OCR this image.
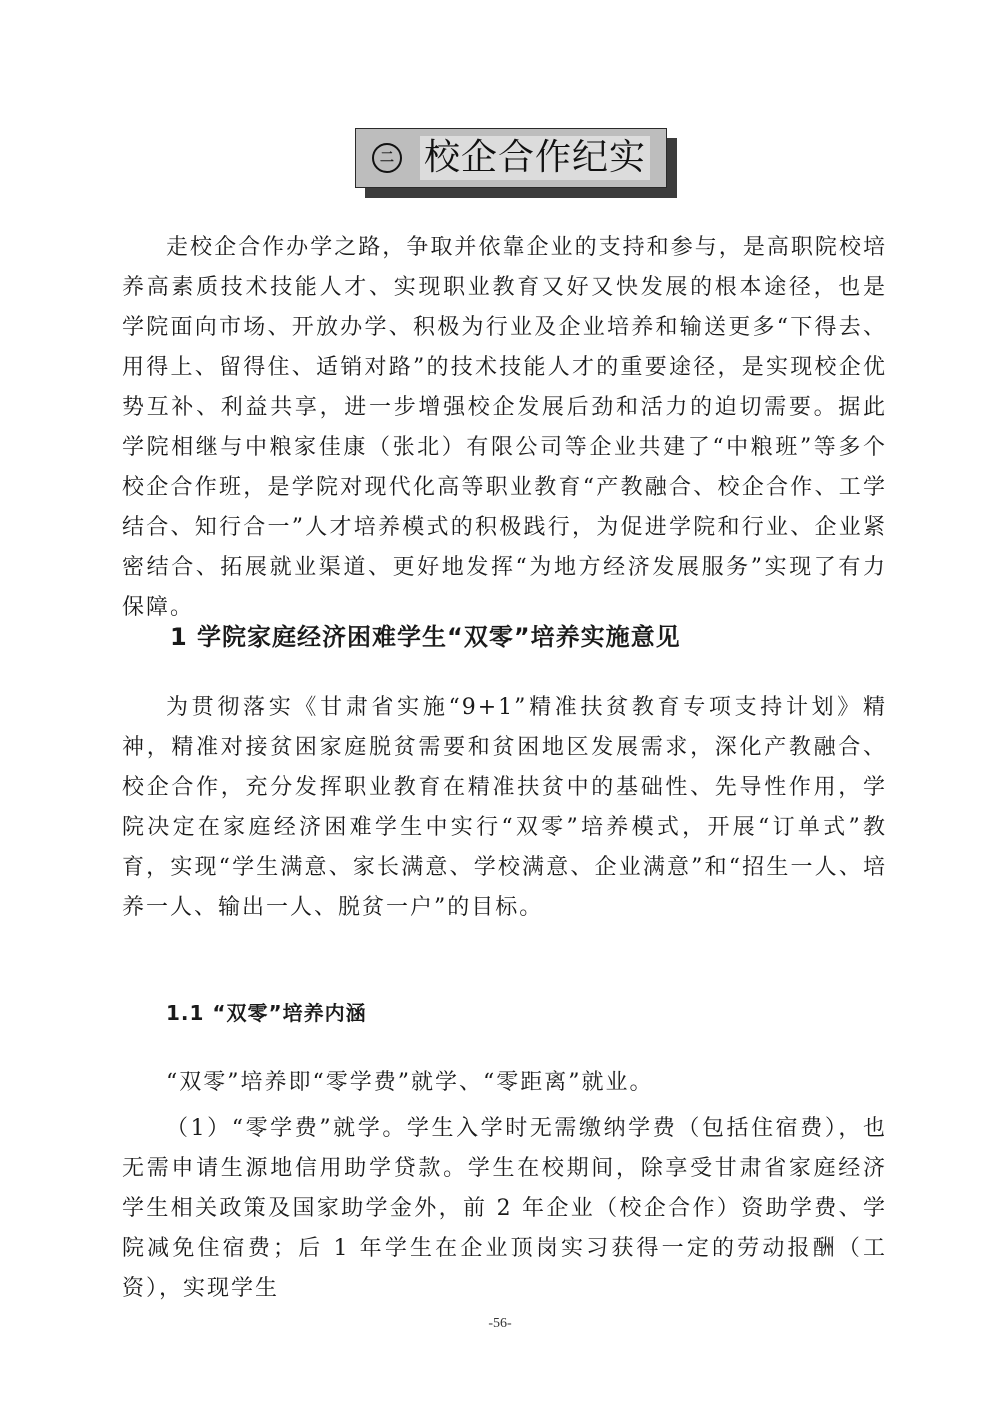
二 校企合作纪实

走校企合作办学之路，争取并依靠企业的支持和参与，是高职院校培养高素质技术技能人才、实现职业教育又好又快发展的根本途径，也是学院面向市场、开放办学、积极为行业及企业培养和输送更多“下得去、用得上、留得住、适销对路”的技术技能人才的重要途径，是实现校企优势互补、利益共享，进一步增强校企发展后劲和活力的迫切需要。据此学院相继与中粮家佳康（张北）有限公司等企业共建了“中粮班”等多个校企合作班，是学院对现代化高等职业教育“产教融合、校企合作、工学结合、知行合一”人才培养模式的积极践行，为促进学院和行业、企业紧密结合、拓展就业渠道、更好地发挥“为地方经济发展服务”实现了有力保障。

1 学院家庭经济困难学生“双零”培养实施意见

为贯彻落实《甘肃省实施“9+1”精准扶贫教育专项支持计划》精神，精准对接贫困家庭脱贫需要和贫困地区发展需求，深化产教融合、校企合作，充分发挥职业教育在精准扶贫中的基础性、先导性作用，学院决定在家庭经济困难学生中实行“双零”培养模式，开展“订单式”教育，实现“学生满意、家长满意、学校满意、企业满意”和“招生一人、培养一人、输出一人、脱贫一户”的目标。

1.1 “双零”培养内涵

“双零”培养即“零学费”就学、“零距离”就业。

（1）“零学费”就学。学生入学时无需缴纳学费（包括住宿费），也无需申请生源地信用助学贷款。学生在校期间，除享受甘肃省家庭经济学生相关政策及国家助学金外，前 2 年企业（校企合作）资助学费、学院减免住宿费；后 1 年学生在企业顶岗实习获得一定的劳动报酬（工资），实现学生

-56-
